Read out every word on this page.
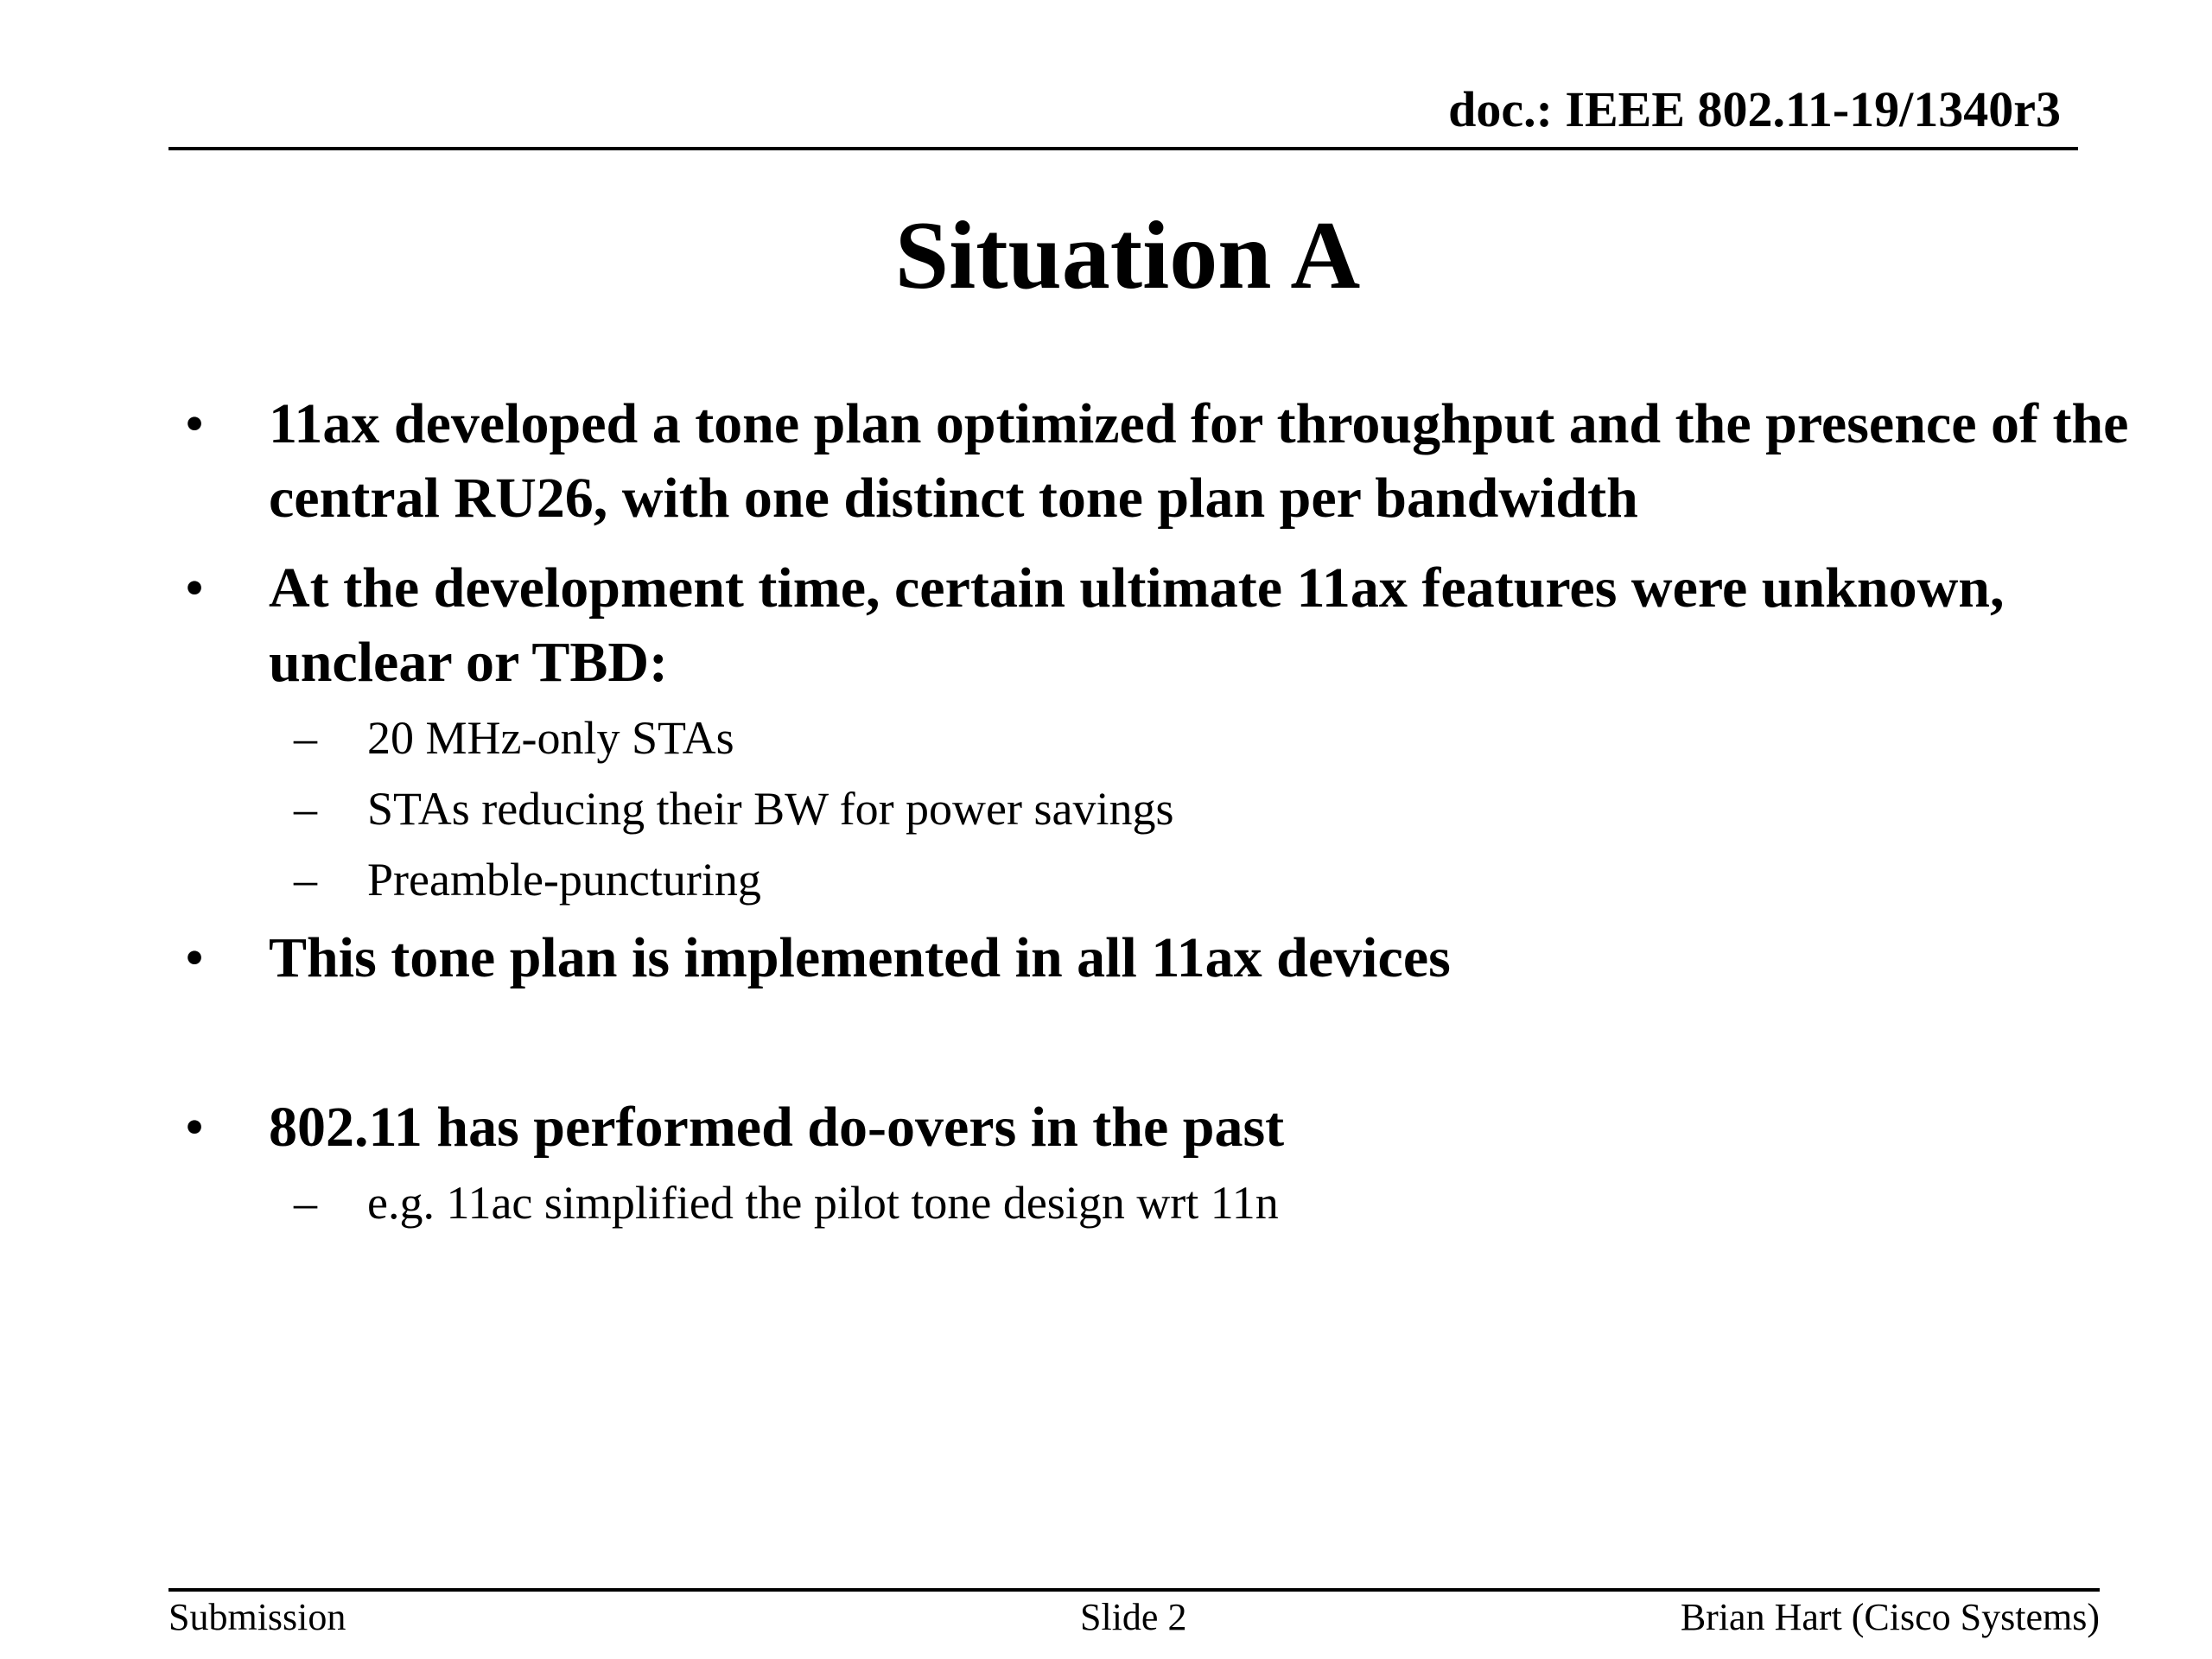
doc.: IEEE 802.11-19/1340r3
Situation A
• 11ax developed a tone plan optimized for throughput and the presence of the central RU26, with one distinct tone plan per bandwidth
• At the development time, certain ultimate 11ax features were unknown, unclear or TBD:
– 20 MHz-only STAs
– STAs reducing their BW for power savings
– Preamble-puncturing
• This tone plan is implemented in all 11ax devices
• 802.11 has performed do-overs in the past
– e.g. 11ac simplified the pilot tone design wrt 11n
Submission	Slide 2	Brian Hart (Cisco Systems)
